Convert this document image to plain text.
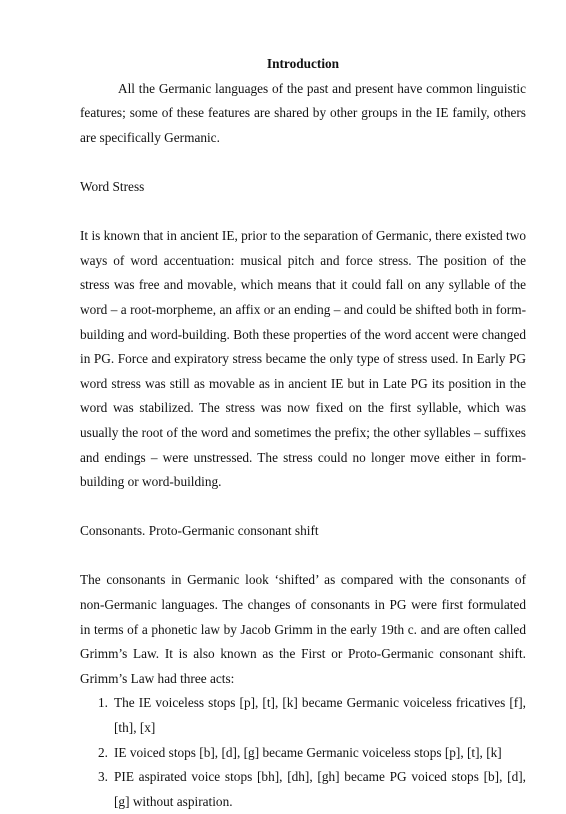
Introduction

All the Germanic languages of the past and present have common linguistic features; some of these features are shared by other groups in the IE family, others are specifically Germanic.

Word Stress

It is known that in ancient IE, prior to the separation of Germanic, there existed two ways of word accentuation: musical pitch and force stress. The position of the stress was free and movable, which means that it could fall on any syllable of the word – a root-morpheme, an affix or an ending – and could be shifted both in form-building and word-building. Both these properties of the word accent were changed in PG. Force and expiratory stress became the only type of stress used. In Early PG word stress was still as movable as in ancient IE but in Late PG its position in the word was stabilized. The stress was now fixed on the first syllable, which was usually the root of the word and sometimes the prefix; the other syllables – suffixes and endings – were unstressed. The stress could no longer move either in form-building or word-building.

Consonants. Proto-Germanic consonant shift

The consonants in Germanic look ‘shifted’ as compared with the consonants of non-Germanic languages. The changes of consonants in PG were first formulated in terms of a phonetic law by Jacob Grimm in the early 19th c. and are often called Grimm’s Law. It is also known as the First or Proto-Germanic consonant shift. Grimm’s Law had three acts:

1. The IE voiceless stops [p], [t], [k] became Germanic voiceless fricatives [f], [th], [x]
2. IE voiced stops [b], [d], [g] became Germanic voiceless stops [p], [t], [k]
3. PIE aspirated voice stops [bh], [dh], [gh] became PG voiced stops [b], [d], [g] without aspiration.
